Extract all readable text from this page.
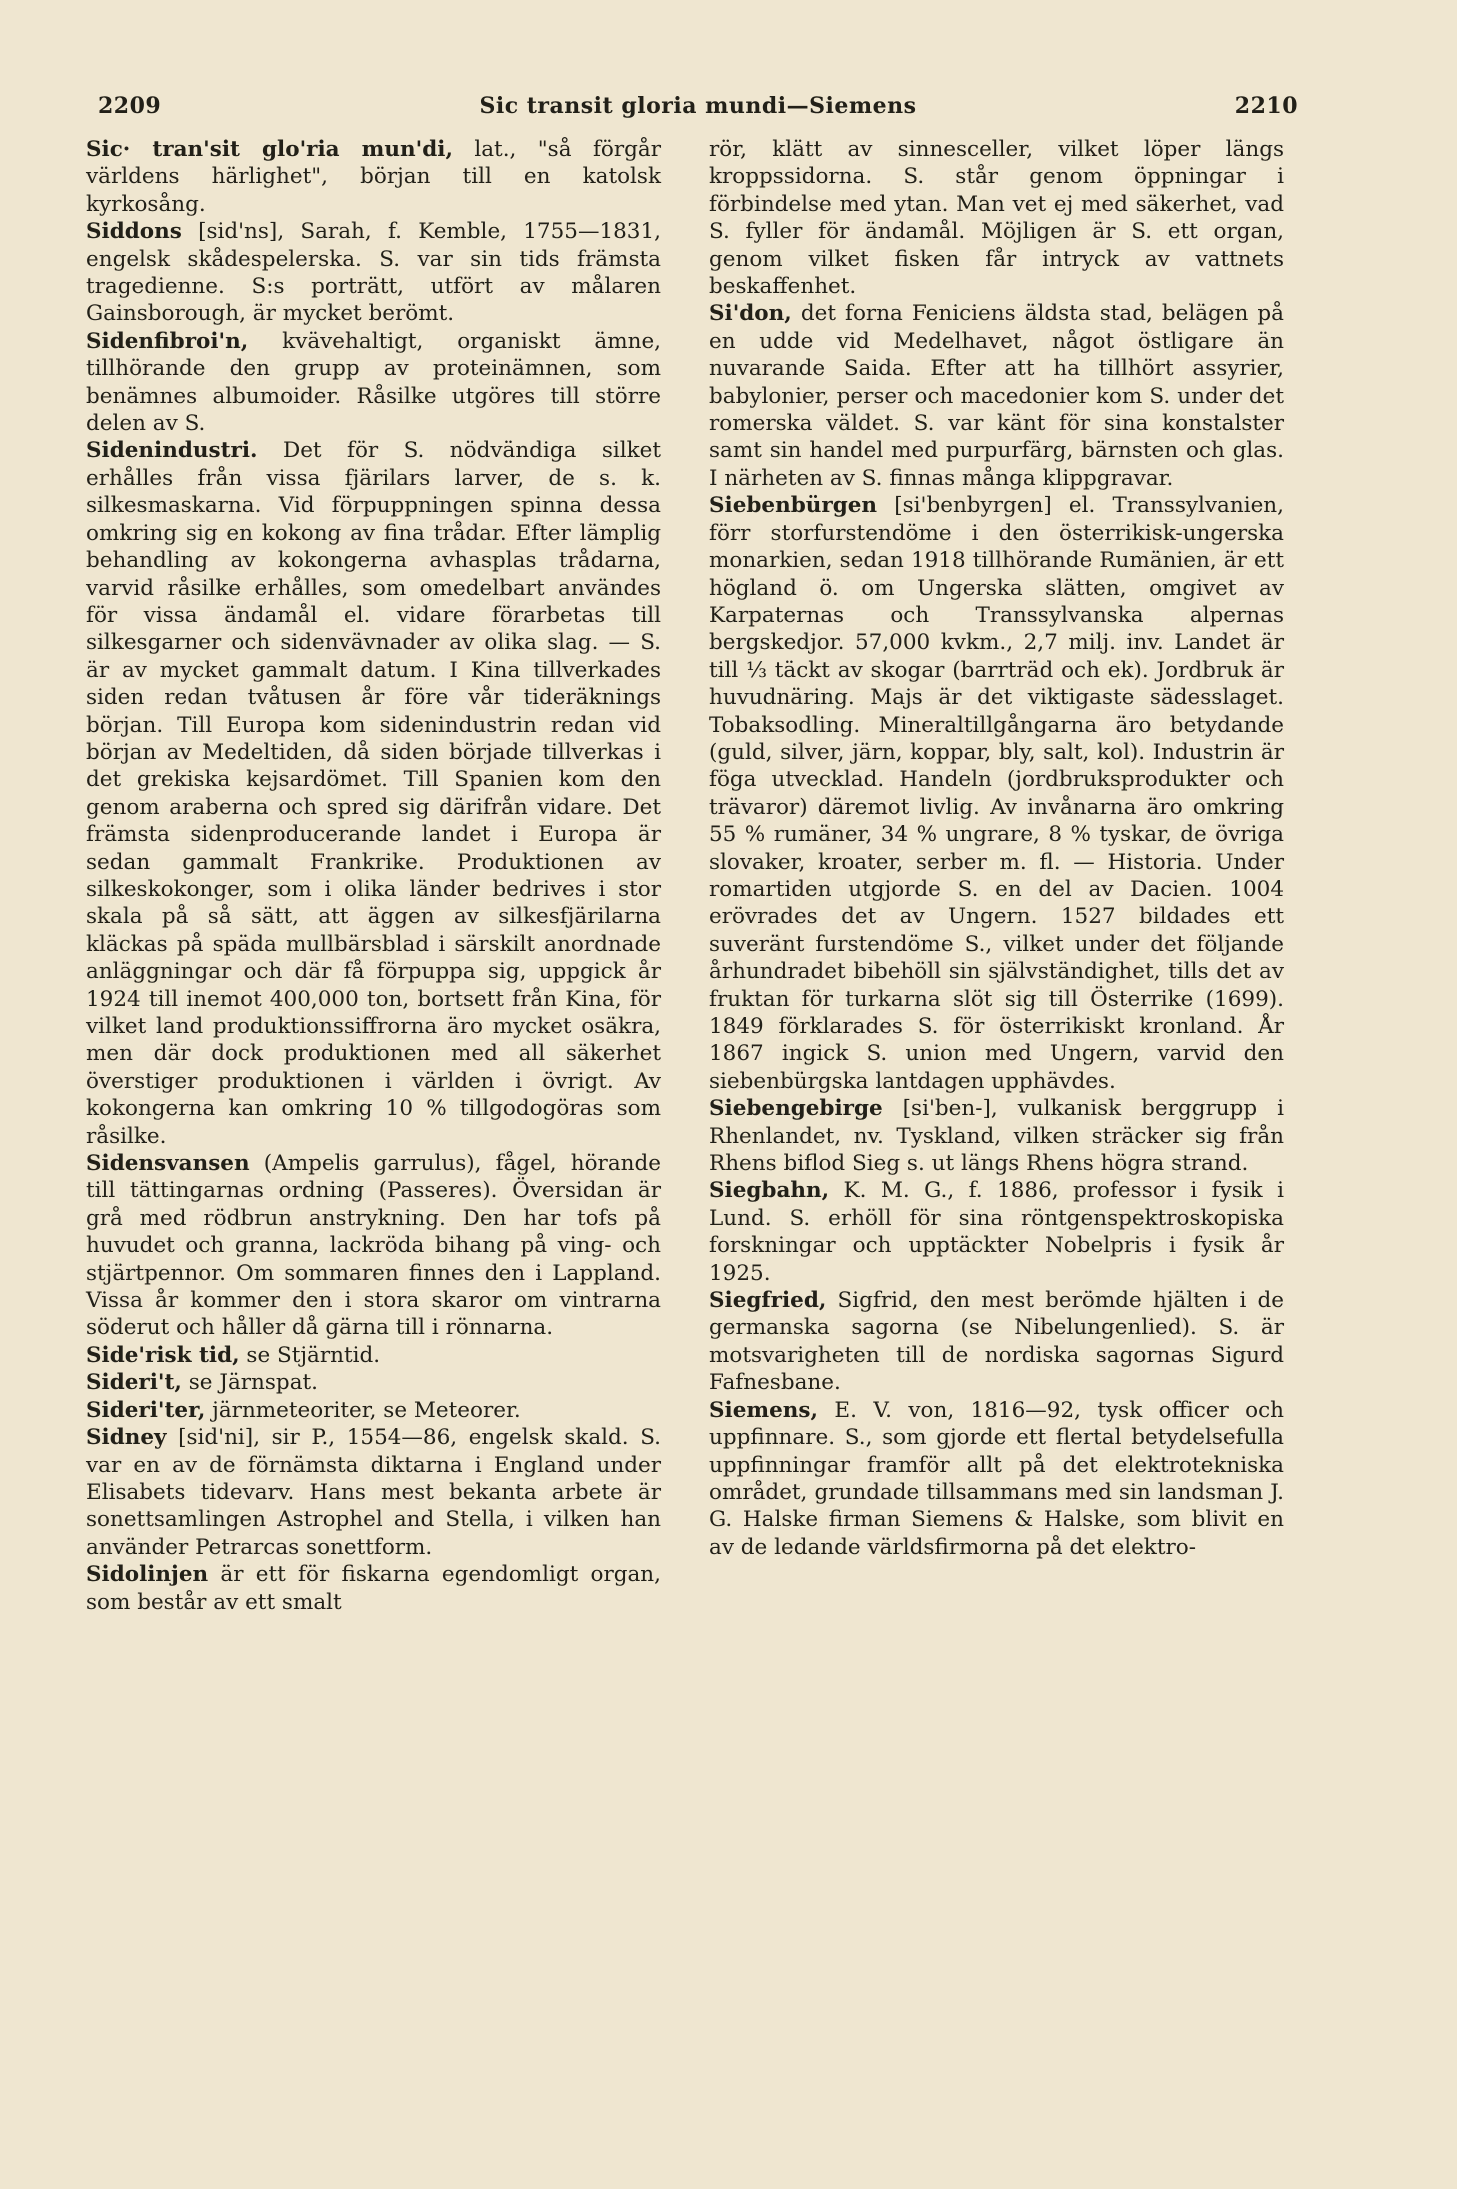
2209	Sic transit gloria mundi—Siemens	2210

Sic· tran'sit glo'ria mun'di, lat., "så förgår världens härlighet", början till en katolsk kyrkosång.

Siddons [sid'ns], Sarah, f. Kemble, 1755—1831, engelsk skådespelerska. S. var sin tids främsta tragedienne. S:s porträtt, utfört av målaren Gainsborough, är mycket berömt.

Sidenfibroi'n, kvävehaltigt, organiskt ämne, tillhörande den grupp av proteinämnen, som benämnes albumoider. Råsilke utgöres till större delen av S.

Sidenindustri. Det för S. nödvändiga silket erhålles från vissa fjärilars larver, de s. k. silkesmaskarna. Vid förpuppningen spinna dessa omkring sig en kokong av fina trådar. Efter lämplig behandling av kokongerna avhasplas trådarna, varvid råsilke erhålles, som omedelbart användes för vissa ändamål el. vidare förarbetas till silkesgarner och sidenvävnader av olika slag. — S. är av mycket gammalt datum. I Kina tillverkades siden redan tvåtusen år före vår tideräknings början. Till Europa kom sidenindustrin redan vid början av Medeltiden, då siden började tillverkas i det grekiska kejsardömet. Till Spanien kom den genom araberna och spred sig därifrån vidare. Det främsta sidenproducerande landet i Europa är sedan gammalt Frankrike. Produktionen av silkeskokonger, som i olika länder bedrives i stor skala på så sätt, att äggen av silkesfjärilarna kläckas på späda mullbärsblad i särskilt anordnade anläggningar och där få förpuppa sig, uppgick år 1924 till inemot 400,000 ton, bortsett från Kina, för vilket land produktionssiffrorna äro mycket osäkra, men där dock produktionen med all säkerhet överstiger produktionen i världen i övrigt. Av kokongerna kan omkring 10 % tillgodogöras som råsilke.

Sidensvansen (Ampelis garrulus), fågel, hörande till tättingarnas ordning (Passeres). Översidan är grå med rödbrun anstrykning. Den har tofs på huvudet och granna, lackröda bihang på ving- och stjärtpennor. Om sommaren finnes den i Lappland. Vissa år kommer den i stora skaror om vintrarna söderut och håller då gärna till i rönnarna.

Side'risk tid, se Stjärntid.

Sideri't, se Järnspat.

Sideri'ter, järnmeteoriter, se Meteorer.

Sidney [sid'ni], sir P., 1554—86, engelsk skald. S. var en av de förnämsta diktarna i England under Elisabets tidevarv. Hans mest bekanta arbete är sonettsamlingen Astrophel and Stella, i vilken han använder Petrarcas sonettform.

Sidolinjen är ett för fiskarna egendomligt organ, som består av ett smalt

rör, klätt av sinnesceller, vilket löper längs kroppssidorna. S. står genom öppningar i förbindelse med ytan. Man vet ej med säkerhet, vad S. fyller för ändamål. Möjligen är S. ett organ, genom vilket fisken får intryck av vattnets beskaffenhet.

Si'don, det forna Feniciens äldsta stad, belägen på en udde vid Medelhavet, något östligare än nuvarande Saida. Efter att ha tillhört assyrier, babylonier, perser och macedonier kom S. under det romerska väldet. S. var känt för sina konstalster samt sin handel med purpurfärg, bärnsten och glas. I närheten av S. finnas många klippgravar.

Siebenbürgen [si'benbyrgen] el. Transsylvanien, förr storfurstendöme i den österrikisk-ungerska monarkien, sedan 1918 tillhörande Rumänien, är ett högland ö. om Ungerska slätten, omgivet av Karpaternas och Transsylvanska alpernas bergskedjor. 57,000 kvkm., 2,7 milj. inv. Landet är till ⅓ täckt av skogar (barrträd och ek). Jordbruk är huvudnäring. Majs är det viktigaste sädesslaget. Tobaksodling. Mineraltillgångarna äro betydande (guld, silver, järn, koppar, bly, salt, kol). Industrin är föga utvecklad. Handeln (jordbruksprodukter och trävaror) däremot livlig. Av invånarna äro omkring 55 % rumäner, 34 % ungrare, 8 % tyskar, de övriga slovaker, kroater, serber m. fl. — Historia. Under romartiden utgjorde S. en del av Dacien. 1004 erövrades det av Ungern. 1527 bildades ett suveränt furstendöme S., vilket under det följande århundradet bibehöll sin självständighet, tills det av fruktan för turkarna slöt sig till Österrike (1699). 1849 förklarades S. för österrikiskt kronland. År 1867 ingick S. union med Ungern, varvid den siebenbürgska lantdagen upphävdes.

Siebengebirge [si'ben-], vulkanisk berggrupp i Rhenlandet, nv. Tyskland, vilken sträcker sig från Rhens biflod Sieg s. ut längs Rhens högra strand.

Siegbahn, K. M. G., f. 1886, professor i fysik i Lund. S. erhöll för sina röntgenspektroskopiska forskningar och upptäckter Nobelpris i fysik år 1925.

Siegfried, Sigfrid, den mest berömde hjälten i de germanska sagorna (se Nibelungenlied). S. är motsvarigheten till de nordiska sagornas Sigurd Fafnesbane.

Siemens, E. V. von, 1816—92, tysk officer och uppfinnare. S., som gjorde ett flertal betydelsefulla uppfinningar framför allt på det elektrotekniska området, grundade tillsammans med sin landsman J. G. Halske firman Siemens & Halske, som blivit en av de ledande världsfirmorna på det elektro-
